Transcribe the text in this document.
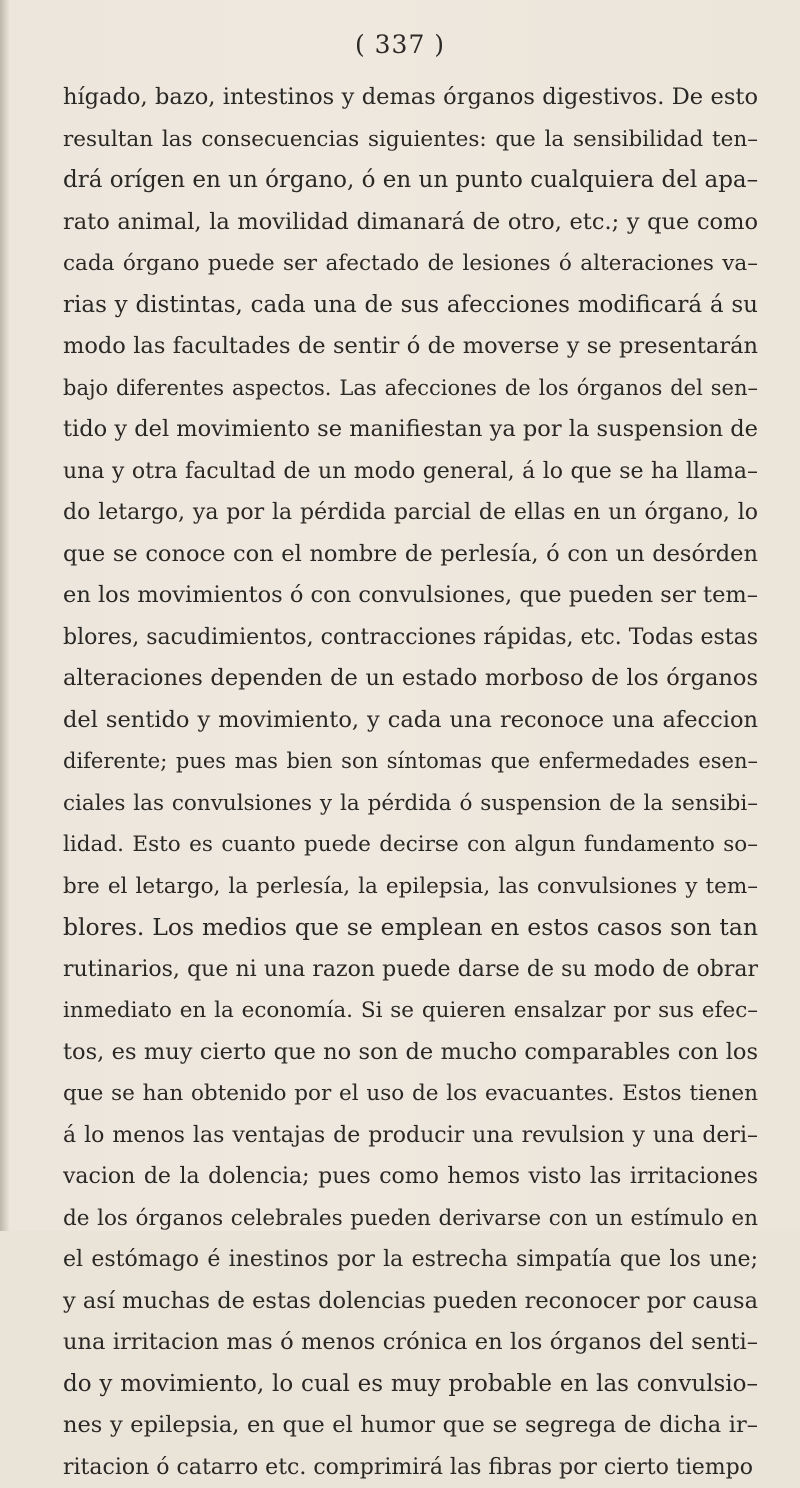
( 337 )

hígado, bazo, intestinos y demas órganos digestivos. De esto
resultan las consecuencias siguientes: que la sensibilidad ten–
drá orígen en un órgano, ó en un punto cualquiera del apa–
rato animal, la movilidad dimanará de otro, etc.; y que como
cada órgano puede ser afectado de lesiones ó alteraciones va–
rias y distintas, cada una de sus afecciones modificará á su
modo las facultades de sentir ó de moverse y se presentarán
bajo diferentes aspectos. Las afecciones de los órganos del sen–
tido y del movimiento se manifiestan ya por la suspension de
una y otra facultad de un modo general, á lo que se ha llama–
do letargo, ya por la pérdida parcial de ellas en un órgano, lo
que se conoce con el nombre de perlesía, ó con un desórden
en los movimientos ó con convulsiones, que pueden ser tem–
blores, sacudimientos, contracciones rápidas, etc. Todas estas
alteraciones dependen de un estado morboso de los órganos
del sentido y movimiento, y cada una reconoce una afeccion
diferente; pues mas bien son síntomas que enfermedades esen–
ciales las convulsiones y la pérdida ó suspension de la sensibi–
lidad. Esto es cuanto puede decirse con algun fundamento so–
bre el letargo, la perlesía, la epilepsia, las convulsiones y tem–
blores. Los medios que se emplean en estos casos son tan
rutinarios, que ni una razon puede darse de su modo de obrar
inmediato en la economía. Si se quieren ensalzar por sus efec–
tos, es muy cierto que no son de mucho comparables con los
que se han obtenido por el uso de los evacuantes. Estos tienen
á lo menos las ventajas de producir una revulsion y una deri–
vacion de la dolencia; pues como hemos visto las irritaciones
de los órganos celebrales pueden derivarse con un estímulo en
el estómago é inestinos por la estrecha simpatía que los une;
y así muchas de estas dolencias pueden reconocer por causa
una irritacion mas ó menos crónica en los órganos del senti–
do y movimiento, lo cual es muy probable en las convulsio–
nes y epilepsia, en que el humor que se segrega de dicha ir–
ritacion ó catarro etc. comprimirá las fibras por cierto tiempo
